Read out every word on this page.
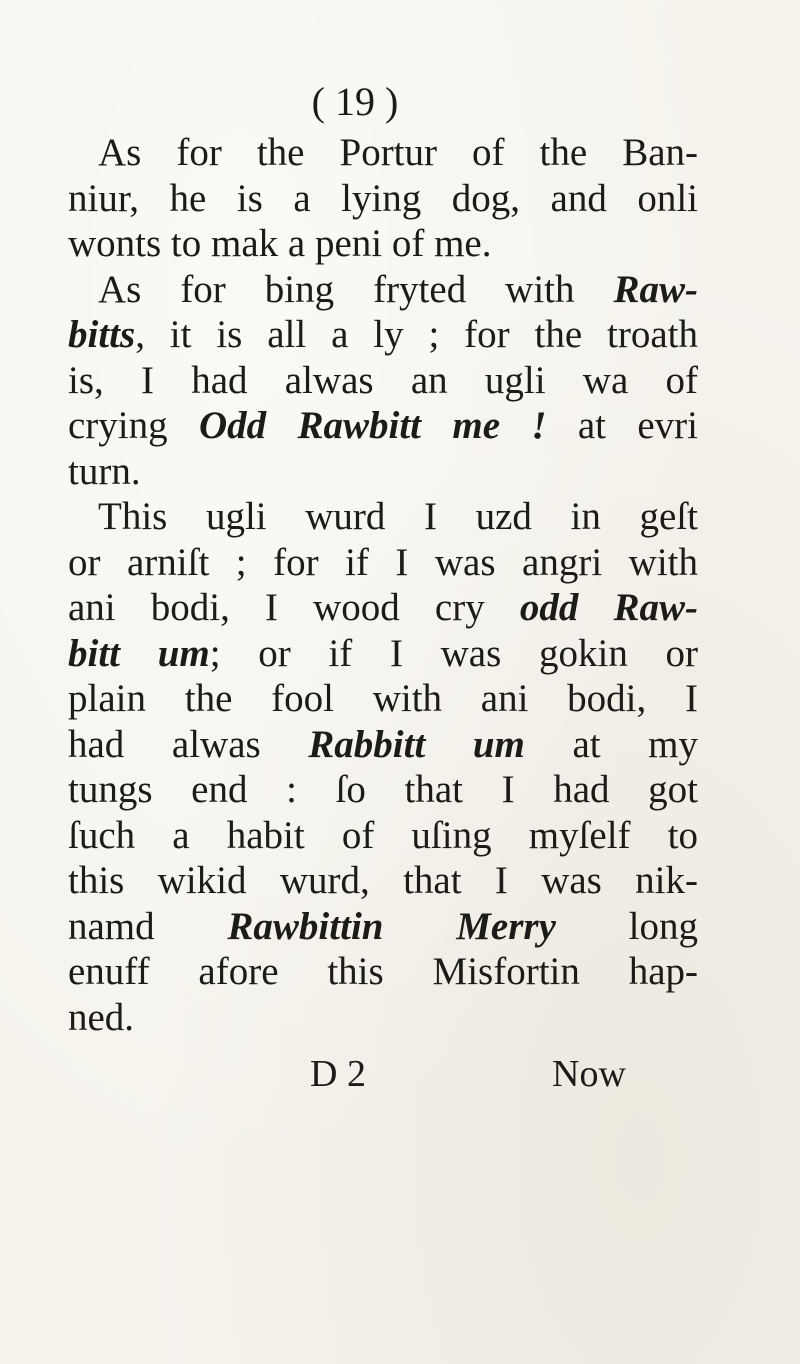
( 19 )
As for the Portur of the Ban-
niur, he is a lying dog, and onli
wonts to mak a peni of me.
As for bing fryted with Raw-
bitts, it is all a ly ; for the troath
is, I had alwas an ugli wa of
crying Odd Rawbitt me ! at evri
turn.
This ugli wurd I uzd in geſt
or arniſt ; for if I was angri with
ani bodi, I wood cry odd Raw-
bitt um; or if I was gokin or
plain the fool with ani bodi, I
had alwas Rabbitt um at my
tungs end : ſo that I had got
ſuch a habit of uſing myſelf to
this wikid wurd, that I was nik-
namd Rawbittin Merry long
enuff afore this Misfortin hap-
ned.
D 2	Now
